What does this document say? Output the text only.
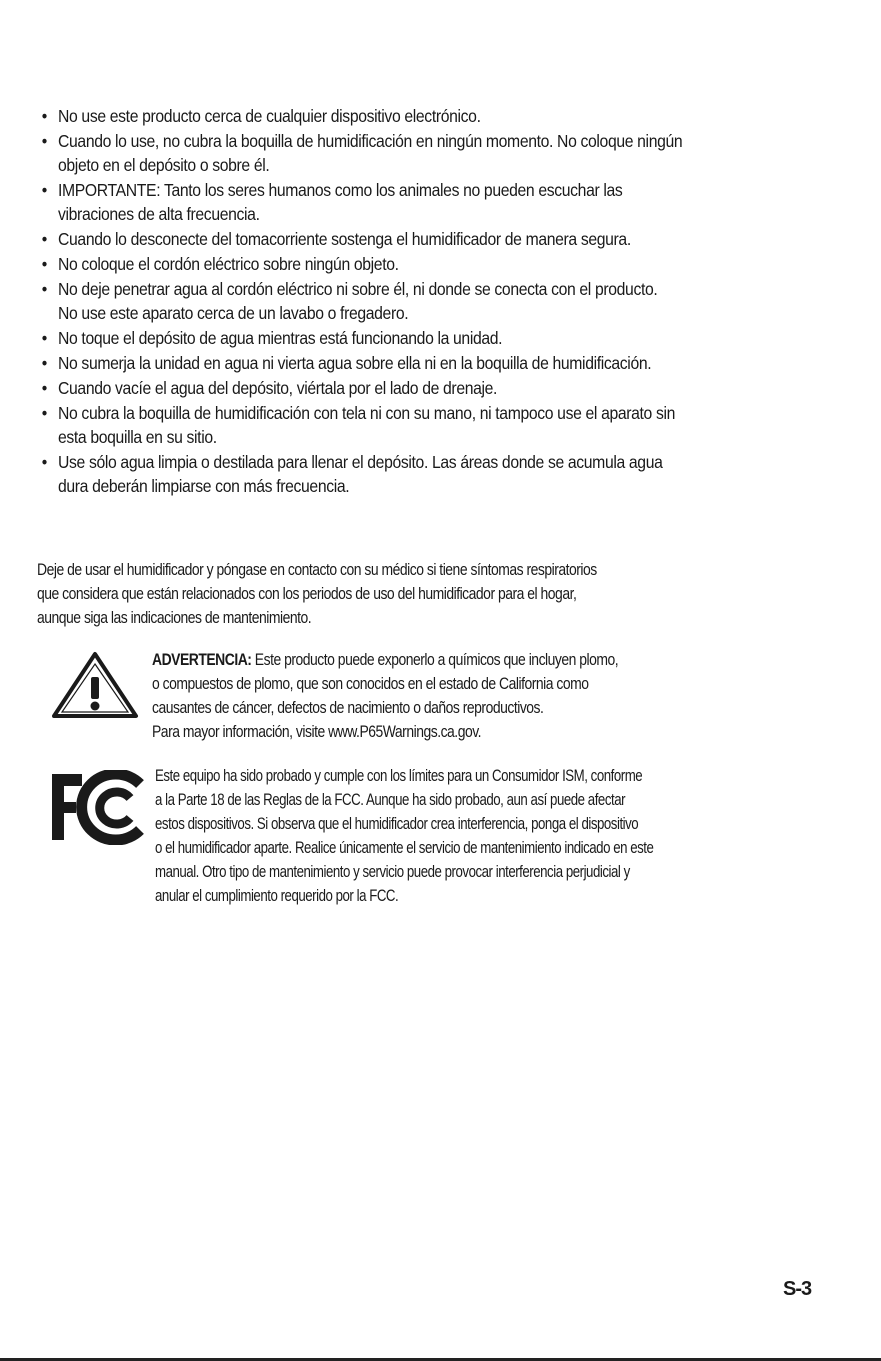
• No use este producto cerca de cualquier dispositivo electrónico.
• Cuando lo use, no cubra la boquilla de humidificación en ningún momento. No coloque ningún
objeto en el depósito o sobre él.
• IMPORTANTE: Tanto los seres humanos como los animales no pueden escuchar las
vibraciones de alta frecuencia.
• Cuando lo desconecte del tomacorriente sostenga el humidificador de manera segura.
• No coloque el cordón eléctrico sobre ningún objeto.
• No deje penetrar agua al cordón eléctrico ni sobre él, ni donde se conecta con el producto.
No use este aparato cerca de un lavabo o fregadero.
• No toque el depósito de agua mientras está funcionando la unidad.
• No sumerja la unidad en agua ni vierta agua sobre ella ni en la boquilla de humidificación.
• Cuando vacíe el agua del depósito, viértala por el lado de drenaje.
• No cubra la boquilla de humidificación con tela ni con su mano, ni tampoco use el aparato sin
esta boquilla en su sitio.
• Use sólo agua limpia o destilada para llenar el depósito. Las áreas donde se acumula agua
dura deberán limpiarse con más frecuencia.
Deje de usar el humidificador y póngase en contacto con su médico si tiene síntomas respiratorios
que considera que están relacionados con los periodos de uso del humidificador para el hogar,
aunque siga las indicaciones de mantenimiento.
ADVERTENCIA: Este producto puede exponerlo a químicos que incluyen plomo,
o compuestos de plomo, que son conocidos en el estado de California como
causantes de cáncer, defectos de nacimiento o daños reproductivos.
Para mayor información, visite www.P65Warnings.ca.gov.
Este equipo ha sido probado y cumple con los límites para un Consumidor ISM, conforme
a la Parte 18 de las Reglas de la FCC. Aunque ha sido probado, aun así puede afectar
estos dispositivos. Si observa que el humidificador crea interferencia, ponga el dispositivo
o el humidificador aparte. Realice únicamente el servicio de mantenimiento indicado en este
manual. Otro tipo de mantenimiento y servicio puede provocar interferencia perjudicial y
anular el cumplimiento requerido por la FCC.
S-3
